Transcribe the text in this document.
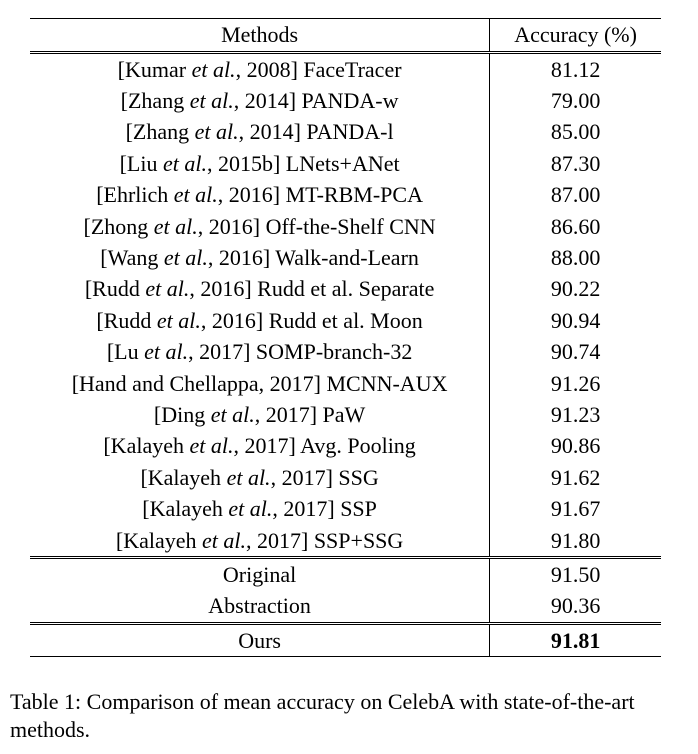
Methods	Accuracy (%)
[Kumar et al., 2008] FaceTracer	81.12
[Zhang et al., 2014] PANDA-w	79.00
[Zhang et al., 2014] PANDA-l	85.00
[Liu et al., 2015b] LNets+ANet	87.30
[Ehrlich et al., 2016] MT-RBM-PCA	87.00
[Zhong et al., 2016] Off-the-Shelf CNN	86.60
[Wang et al., 2016] Walk-and-Learn	88.00
[Rudd et al., 2016] Rudd et al. Separate	90.22
[Rudd et al., 2016] Rudd et al. Moon	90.94
[Lu et al., 2017] SOMP-branch-32	90.74
[Hand and Chellappa, 2017] MCNN-AUX	91.26
[Ding et al., 2017] PaW	91.23
[Kalayeh et al., 2017] Avg. Pooling	90.86
[Kalayeh et al., 2017] SSG	91.62
[Kalayeh et al., 2017] SSP	91.67
[Kalayeh et al., 2017] SSP+SSG	91.80
Original	91.50
Abstraction	90.36
Ours	91.81
Table 1: Comparison of mean accuracy on CelebA with state-of-the-art methods.
